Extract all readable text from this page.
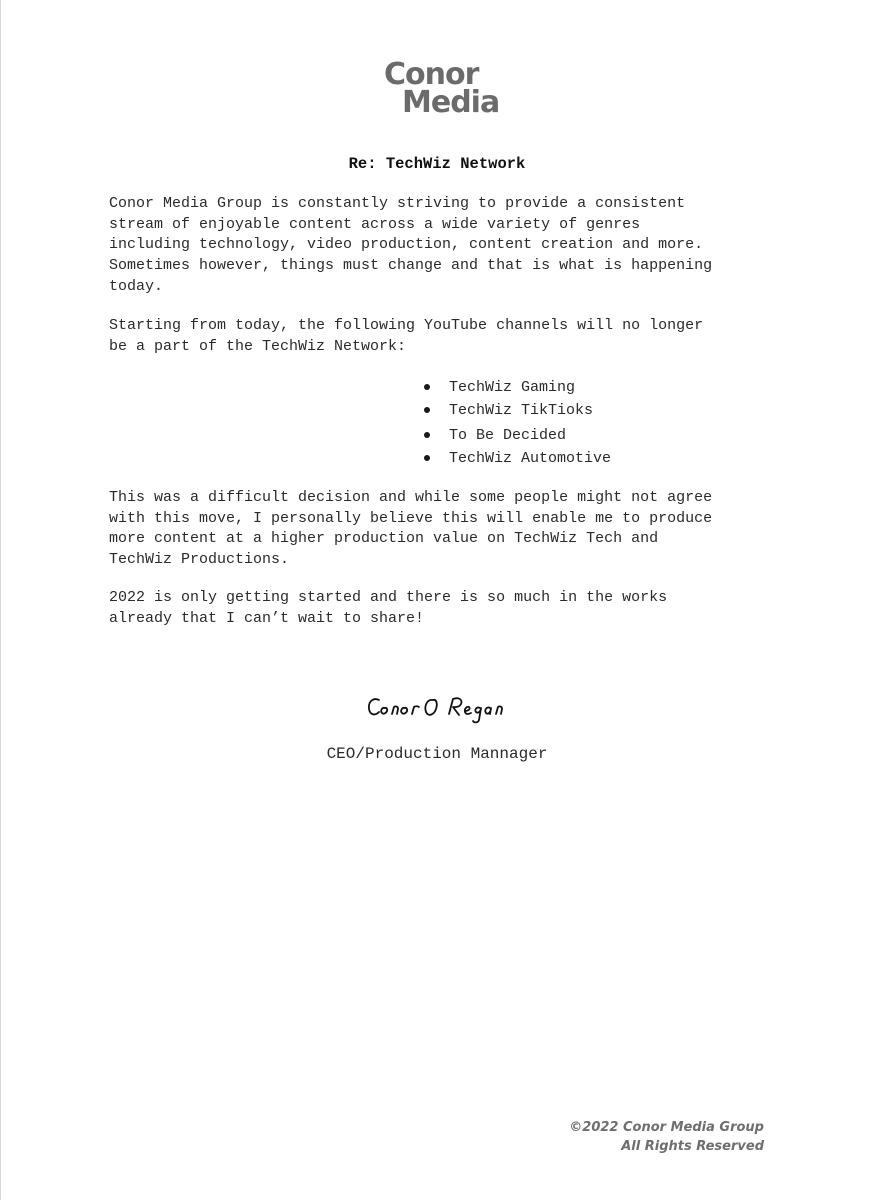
Conor
Media
Re: TechWiz Network

Conor Media Group is constantly striving to provide a consistent
stream of enjoyable content across a wide variety of genres
including technology, video production, content creation and more.
Sometimes however, things must change and that is what is happening
today.

Starting from today, the following YouTube channels will no longer
be a part of the TechWiz Network:

TechWiz Gaming
TechWiz TikTioks
To Be Decided
TechWiz Automotive

This was a difficult decision and while some people might not agree
with this move, I personally believe this will enable me to produce
more content at a higher production value on TechWiz Tech and
TechWiz Productions.

2022 is only getting started and there is so much in the works
already that I can’t wait to share!

CEO/Production Mannager
©2022 Conor Media Group
All Rights Reserved
